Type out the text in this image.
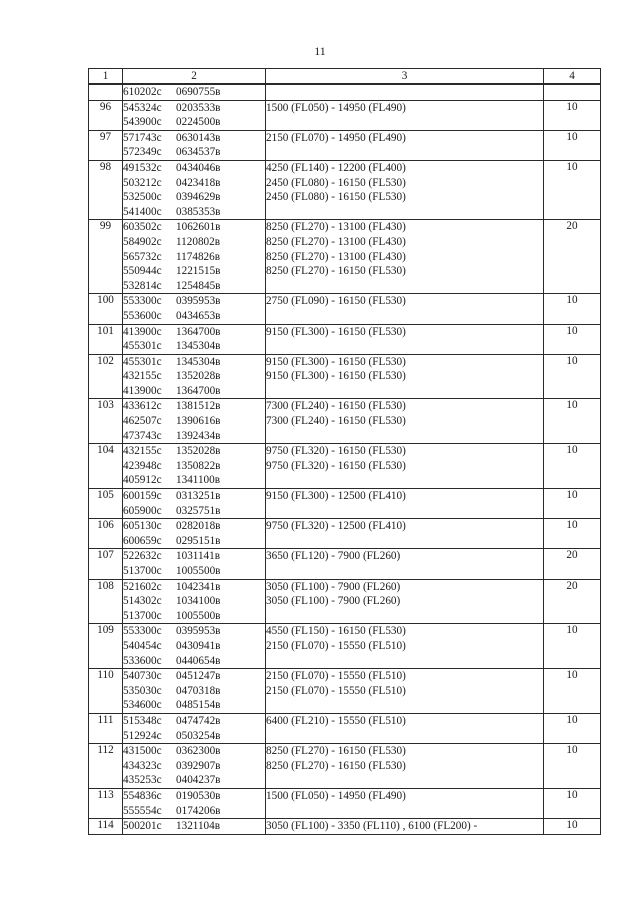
11
1	2	3	4

	610202с 0690755в		

96	545324с 0203533в
543900с 0224500в	1500 (FL050) - 14950 (FL490)	10
97	571743с 0630143в
572349с 0634537в	2150 (FL070) - 14950 (FL490)	10
98	491532с 0434046в
503212с 0423418в
532500с 0394629в
541400с 0385353в	4250 (FL140) - 12200 (FL400)
2450 (FL080) - 16150 (FL530)
2450 (FL080) - 16150 (FL530)	10
99	603502с 1062601в
584902с 1120802в
565732с 1174826в
550944с 1221515в
532814с 1254845в	8250 (FL270) - 13100 (FL430)
8250 (FL270) - 13100 (FL430)
8250 (FL270) - 13100 (FL430)
8250 (FL270) - 16150 (FL530)	20
100	553300с 0395953в
553600с 0434653в	2750 (FL090) - 16150 (FL530)	10
101	413900с 1364700в
455301с 1345304в	9150 (FL300) - 16150 (FL530)	10
102	455301с 1345304в
432155с 1352028в
413900с 1364700в	9150 (FL300) - 16150 (FL530)
9150 (FL300) - 16150 (FL530)	10
103	433612с 1381512в
462507с 1390616в
473743с 1392434в	7300 (FL240) - 16150 (FL530)
7300 (FL240) - 16150 (FL530)	10
104	432155с 1352028в
423948с 1350822в
405912с 1341100в	9750 (FL320) - 16150 (FL530)
9750 (FL320) - 16150 (FL530)	10
105	600159с 0313251в
605900с 0325751в	9150 (FL300) - 12500 (FL410)	10
106	605130с 0282018в
600659с 0295151в	9750 (FL320) - 12500 (FL410)	10
107	522632с 1031141в
513700с 1005500в	3650 (FL120) - 7900 (FL260)	20
108	521602с 1042341в
514302с 1034100в
513700с 1005500в	3050 (FL100) - 7900 (FL260)
3050 (FL100) - 7900 (FL260)	20
109	553300с 0395953в
540454с 0430941в
533600с 0440654в	4550 (FL150) - 16150 (FL530)
2150 (FL070) - 15550 (FL510)	10
110	540730с 0451247в
535030с 0470318в
534600с 0485154в	2150 (FL070) - 15550 (FL510)
2150 (FL070) - 15550 (FL510)	10
111	515348с 0474742в
512924с 0503254в	6400 (FL210) - 15550 (FL510)	10
112	431500с 0362300в
434323с 0392907в
435253с 0404237в	8250 (FL270) - 16150 (FL530)
8250 (FL270) - 16150 (FL530)	10
113	554836с 0190530в
555554с 0174206в	1500 (FL050) - 14950 (FL490)	10
114	500201с 1321104в	3050 (FL100) - 3350 (FL110) , 6100 (FL200) -	10
